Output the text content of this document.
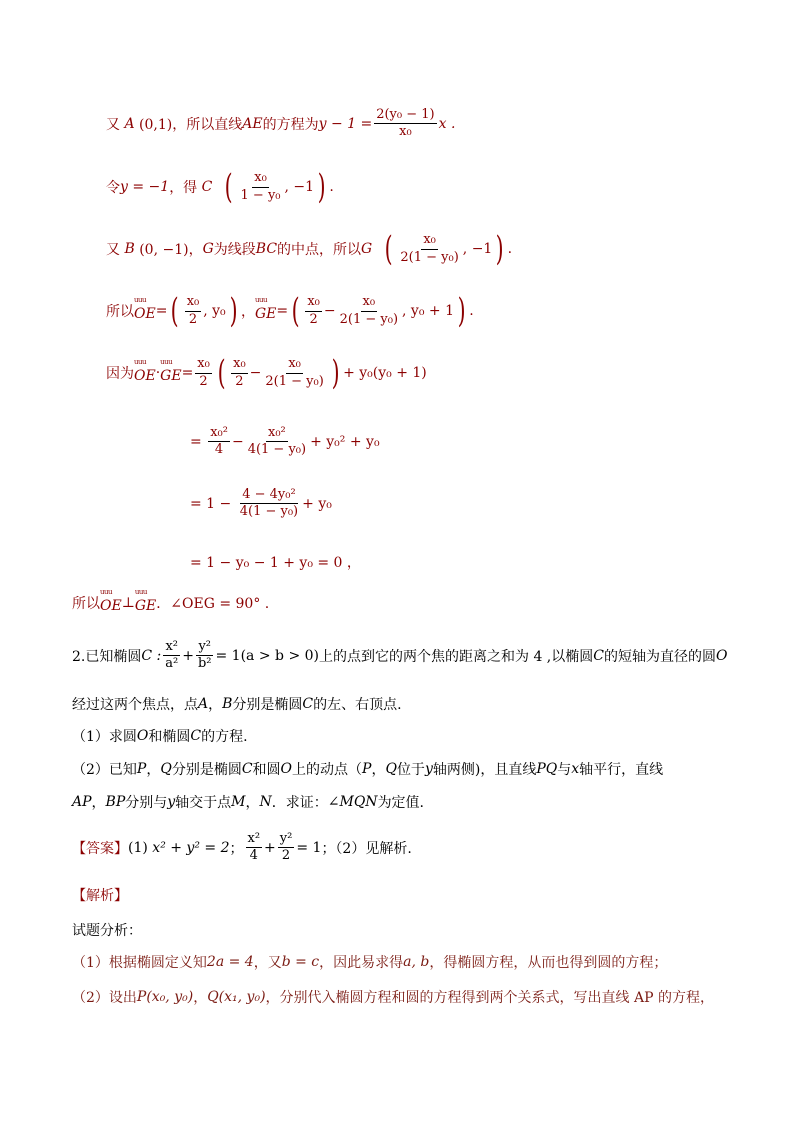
又
A
(0,1)，所以直线 AE 的方程为 $y - 1 = \frac{\text{2(y₀ − 1)}}{\text{x₀}}$ x .
令 y = −1 ，得
C
( $\frac{\text{x₀}}{\text{1 − y₀}}$ , −1 ) .
又
B
(0, −1)， G 为线段 BC 的中点，所以 G
( $\frac{\text{x₀}}{\text{2(1 − y₀)}}$ , −1 ) .
所以 uuu OE = ( $\frac{\text{x₀}}{2}$ , y₀ ) ， uuu GE = ( $\frac{\text{x₀}}{2} - \frac{\text{x₀}}{\text{2(1 − y₀)}}$ , y₀ + 1 ) .
因为 uuu OE · uuu GE = $\frac{\text{x₀}}{2}$ ( $\frac{\text{x₀}}{2} - \frac{\text{x₀}}{\text{2(1 − y₀)}}$ ) + y₀(y₀ + 1)
=
$\frac{\text{x₀²}}{4} - \frac{\text{x₀²}}{\text{4(1 − y₀)}} + y_0^2 + y_0$
= 1 −
$\frac{\text{4 − 4y₀²}}{\text{4(1 − y₀)}} + y_0$
= 1 − y₀ − 1 + y₀ = 0 ，
所以 uuu OE ⊥ uuu GE ．∠OEG = 90° .
2.已知椭圆 C : $\frac{\text{x²}}{\text{a²}} + \frac{\text{y²}}{\text{b²}} = 1(a > b > 0)$ 上的点到它的两个焦的距离之和为 4 ,以椭圆 C 的短轴为直径的圆 O
经过这两个焦点，点 A ， B 分别是椭圆 C 的左、右顶点.
（1）求圆 O 和椭圆 C 的方程.
（2）已知 P ， Q 分别是椭圆 C 和圆 O 上的动点（ P ， Q 位于 y 轴两侧)，且直线 PQ 与 x 轴平行，直线
AP ， BP 分别与 y 轴交于点 M ， N ．求证： ∠MQN 为定值.
【答案】 (1)
x² + y² = 2 ； $\frac{\text{x²}}{4} + \frac{\text{y²}}{2} = 1$ ；（2）见解析.
【解析】
试题分析：
（1）根据椭圆定义知 2a = 4 ，又 b = c ，因此易求得 a, b ，得椭圆方程，从而也得到圆的方程；
（2）设出 P(x₀, y₀) ， Q(x₁, y₀) ，分别代入椭圆方程和圆的方程得到两个关系式，写出直线 AP 的方程，
